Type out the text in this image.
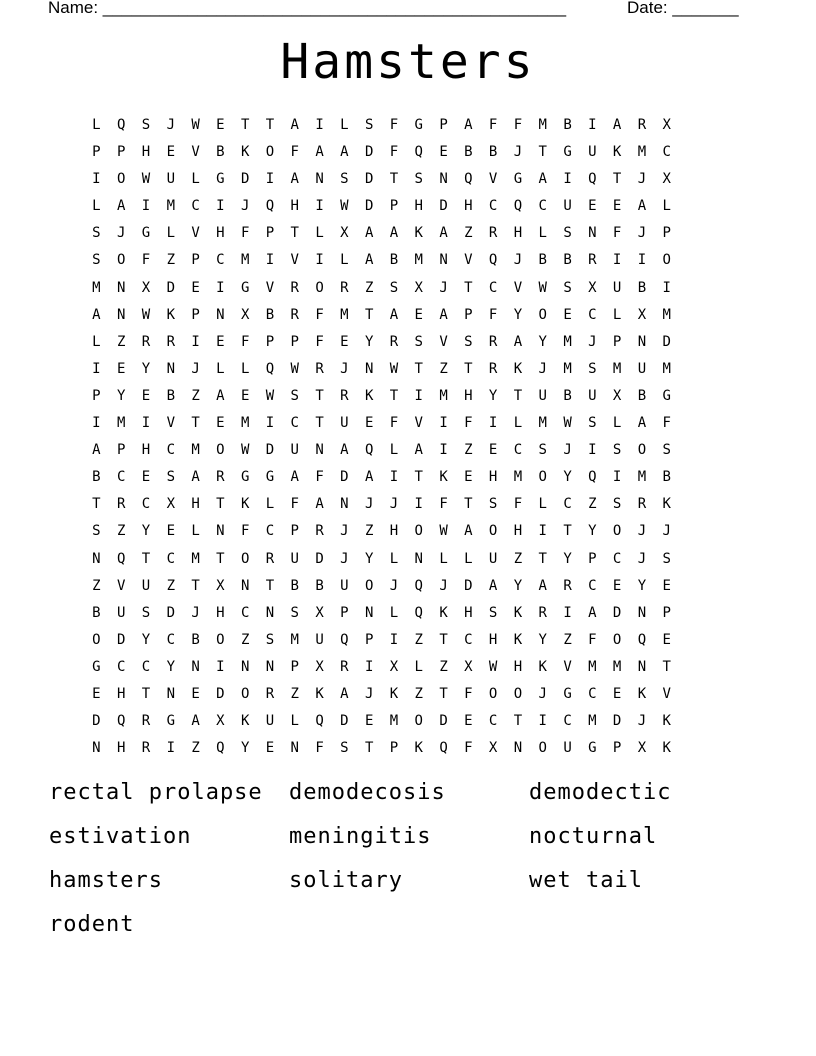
Name: _________________________________________________	Date: _______
Hamsters
L	Q	S	J	W	E	T	T	A	I	L	S	F	G	P	A	F	F	M	B	I	A	R	X
P	P	H	E	V	B	K	O	F	A	A	D	F	Q	E	B	B	J	T	G	U	K	M	C
I	O	W	U	L	G	D	I	A	N	S	D	T	S	N	Q	V	G	A	I	Q	T	J	X
L	A	I	M	C	I	J	Q	H	I	W	D	P	H	D	H	C	Q	C	U	E	E	A	L
S	J	G	L	V	H	F	P	T	L	X	A	A	K	A	Z	R	H	L	S	N	F	J	P
S	O	F	Z	P	C	M	I	V	I	L	A	B	M	N	V	Q	J	B	B	R	I	I	O
M	N	X	D	E	I	G	V	R	O	R	Z	S	X	J	T	C	V	W	S	X	U	B	I
A	N	W	K	P	N	X	B	R	F	M	T	A	E	A	P	F	Y	O	E	C	L	X	M
L	Z	R	R	I	E	F	P	P	F	E	Y	R	S	V	S	R	A	Y	M	J	P	N	D
I	E	Y	N	J	L	L	Q	W	R	J	N	W	T	Z	T	R	K	J	M	S	M	U	M
P	Y	E	B	Z	A	E	W	S	T	R	K	T	I	M	H	Y	T	U	B	U	X	B	G
I	M	I	V	T	E	M	I	C	T	U	E	F	V	I	F	I	L	M	W	S	L	A	F
A	P	H	C	M	O	W	D	U	N	A	Q	L	A	I	Z	E	C	S	J	I	S	O	S
B	C	E	S	A	R	G	G	A	F	D	A	I	T	K	E	H	M	O	Y	Q	I	M	B
T	R	C	X	H	T	K	L	F	A	N	J	J	I	F	T	S	F	L	C	Z	S	R	K
S	Z	Y	E	L	N	F	C	P	R	J	Z	H	O	W	A	O	H	I	T	Y	O	J	J
N	Q	T	C	M	T	O	R	U	D	J	Y	L	N	L	L	U	Z	T	Y	P	C	J	S
Z	V	U	Z	T	X	N	T	B	B	U	O	J	Q	J	D	A	Y	A	R	C	E	Y	E
B	U	S	D	J	H	C	N	S	X	P	N	L	Q	K	H	S	K	R	I	A	D	N	P
O	D	Y	C	B	O	Z	S	M	U	Q	P	I	Z	T	C	H	K	Y	Z	F	O	Q	E
G	C	C	Y	N	I	N	N	P	X	R	I	X	L	Z	X	W	H	K	V	M	M	N	T
E	H	T	N	E	D	O	R	Z	K	A	J	K	Z	T	F	O	O	J	G	C	E	K	V
D	Q	R	G	A	X	K	U	L	Q	D	E	M	O	D	E	C	T	I	C	M	D	J	K
N	H	R	I	Z	Q	Y	E	N	F	S	T	P	K	Q	F	X	N	O	U	G	P	X	K
rectal prolapse	demodecosis	demodectic
estivation	meningitis	nocturnal
hamsters	solitary	wet tail
rodent
